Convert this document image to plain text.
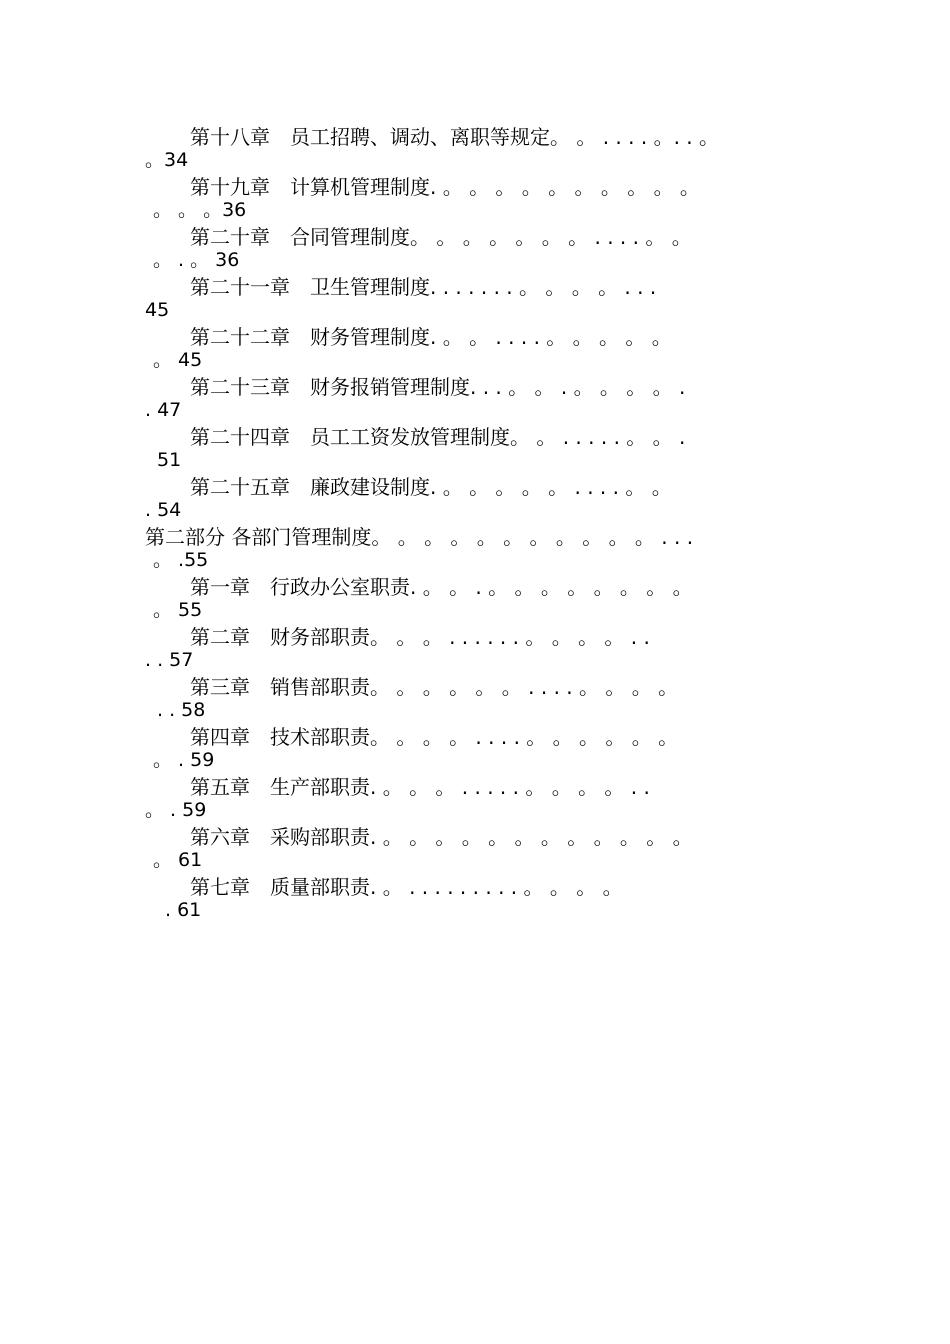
第十八章　员工招聘、调动、离职等规定。 。 . . . . 。. . 。
。34
第十九章　计算机管理制度. 。 。 。 。 。 。 。 。 。 。
。 。 。36
第二十章　合同管理制度。 。 。 。 。 。 。 . . . . 。 。
。 . 。 36
第二十一章　卫生管理制度. . . . . . . 。 。 。 。 . . .
45
第二十二章　财务管理制度. 。 。 . . . . 。 。 。 。 。
。 45
第二十三章　财务报销管理制度. . . 。 。 . 。 。 。 。 .
. 47
第二十四章　员工工资发放管理制度。 。 . . . . . 。 。 .
51
第二十五章　廉政建设制度. 。 。 。 。 。 . . . . 。 。
. 54
第二部分 各部门管理制度。 。 。 。 。 。 。 。 。 。 。 . . .
。 .55
第一章　行政办公室职责. 。 。 . 。 。 。 。 。 。 。 。
。 55
第二章　财务部职责。 。 。 . . . . . . 。 。 。 。 . .
. . 57
第三章　销售部职责。 。 。 。 。 。 . . . . 。 。 。 。
. . 58
第四章　技术部职责。 。 。 。 . . . . 。 。 。 。 。 。
。 . 59
第五章　生产部职责. 。 。 。 . . . . . 。 。 。 。 . .
。 . 59
第六章　采购部职责. 。 。 。 。 。 。 。 。 。 。 。 。
。 61
第七章　质量部职责. 。 . . . . . . . . . 。 。 。 。
. 61
